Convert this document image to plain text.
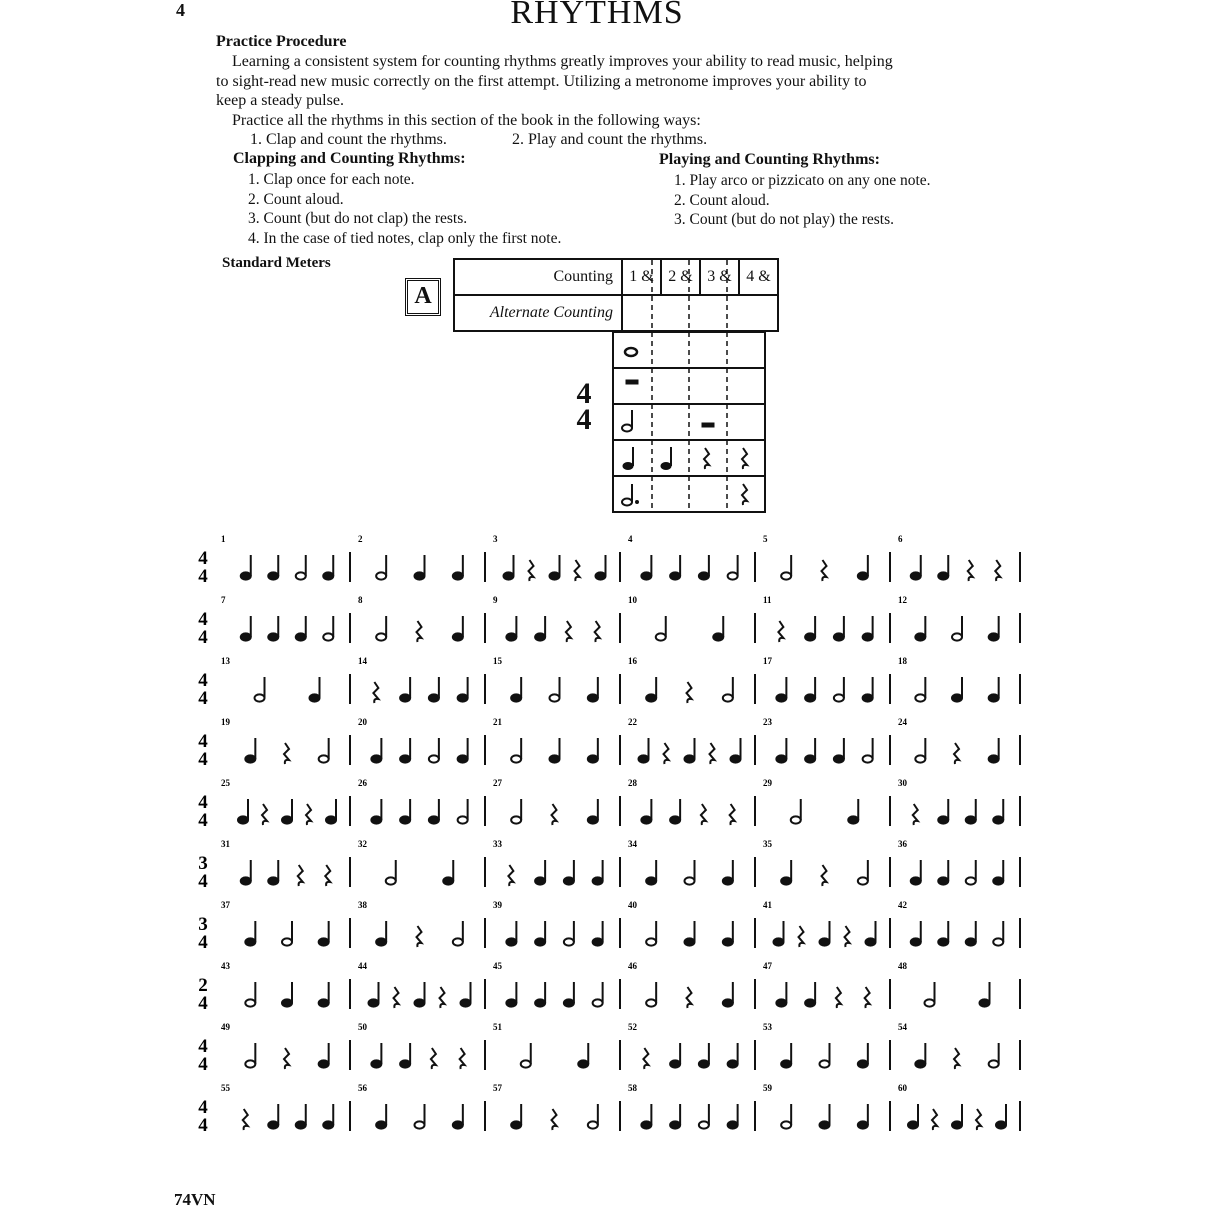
4	RHYTHMS
Practice Procedure
Learning a consistent system for counting rhythms greatly improves your ability to read music, helping
to sight-read new music correctly on the first attempt. Utilizing a metronome improves your ability to
keep a steady pulse.
Practice all the rhythms in this section of the book in the following ways:
1. Clap and count the rhythms.	2. Play and count the rhythms.
Clapping and Counting Rhythms:
1. Clap once for each note.
2. Count aloud.
3. Count (but do not clap) the rests.
4. In the case of tied notes, clap only the first note.
Playing and Counting Rhythms:
1. Play arco or pizzicato on any one note.
2. Count aloud.
3. Count (but do not play) the rests.
Standard Meters
A
Counting	1 &	2 &	3 &	4 &
Alternate Counting				
4
4
4
4
1	2	3	4	5	6
4
4
7	8	9	10	11	12
4
4
13	14	15	16	17	18
4
4
19	20	21	22	23	24
4
4
25	26	27	28	29	30
3
4
31	32	33	34	35	36
3
4
37	38	39	40	41	42
2
4
43	44	45	46	47	48
4
4
49	50	51	52	53	54
4
4
55	56	57	58	59	60
74VN
